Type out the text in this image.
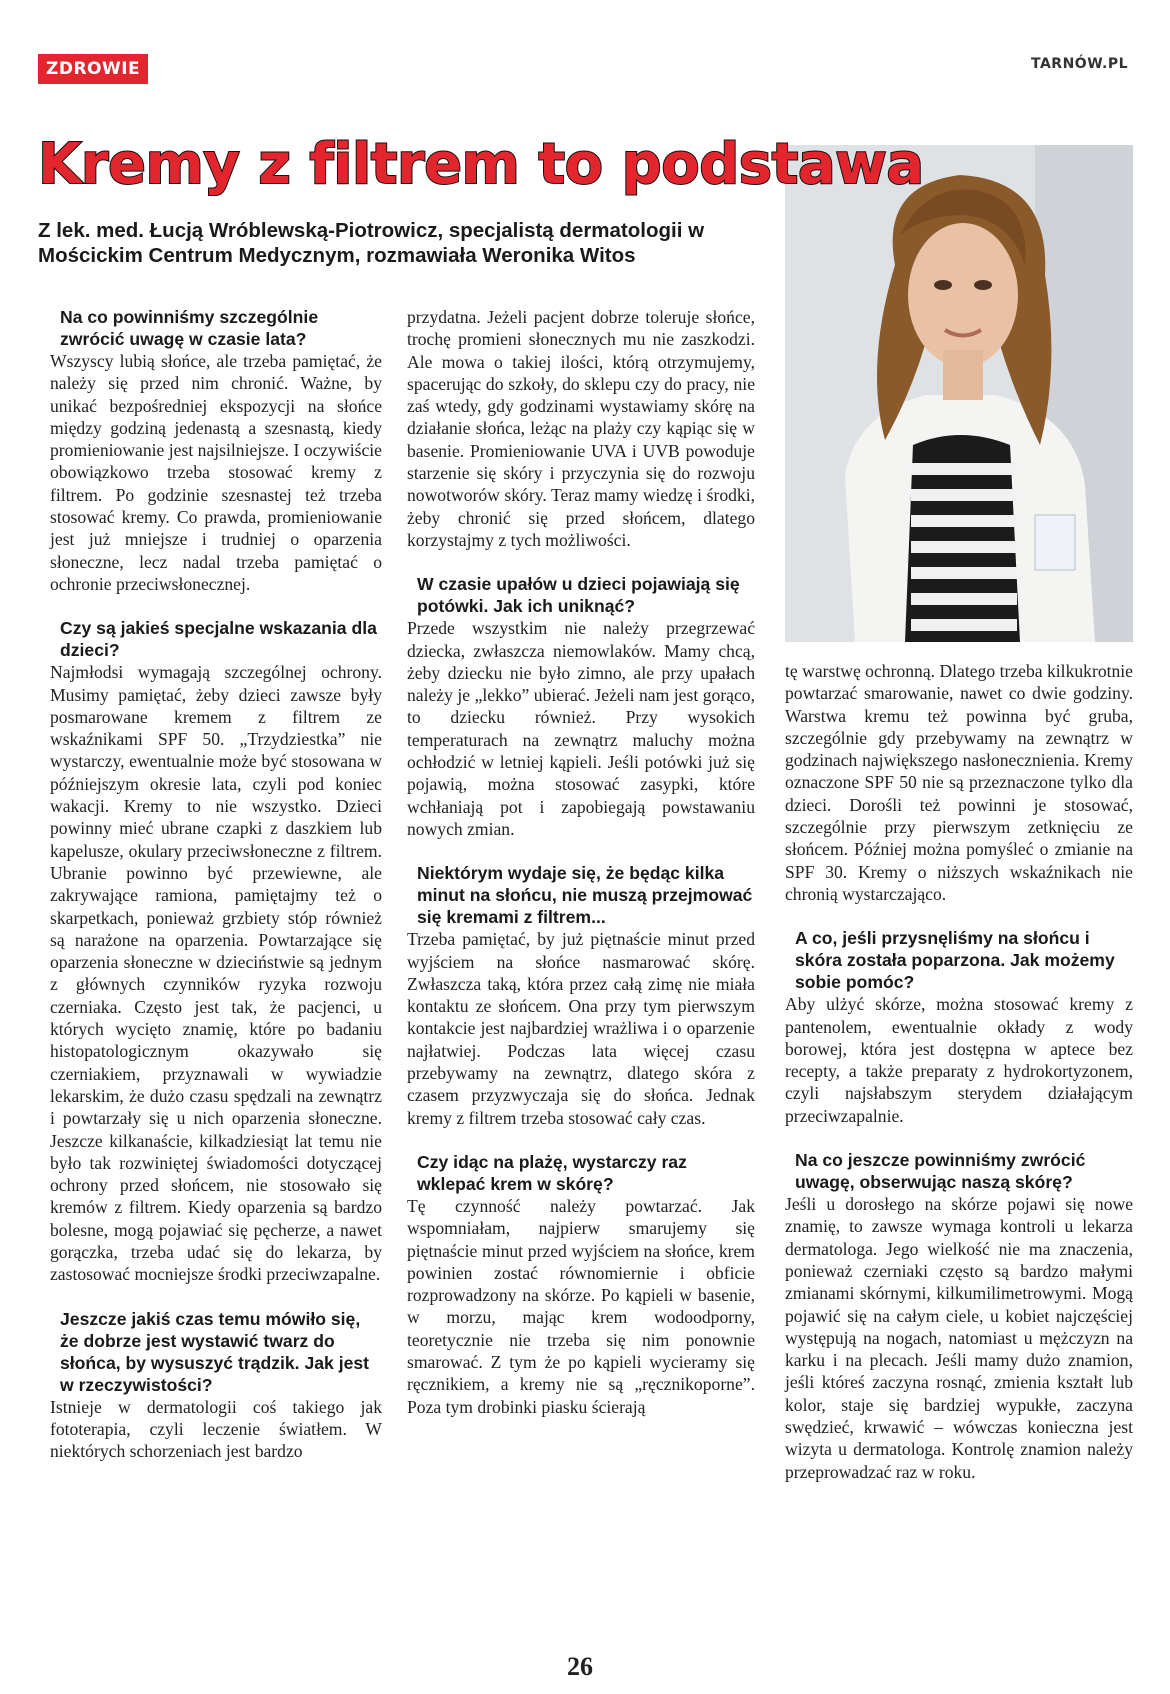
ZDROWIE	TARNÓW.PL
Kremy z filtrem to podstawa
Z lek. med. Łucją Wróblewską-Piotrowicz, specjalistą dermatologii w Mościckim Centrum Medycznym, rozmawiała Weronika Witos
Na co powinniśmy szczególnie zwrócić uwagę w czasie lata?

Wszyscy lubią słońce, ale trzeba pamiętać, że należy się przed nim chronić. Ważne, by unikać bezpośredniej ekspozycji na słońce między godziną jedenastą a szesnastą, kiedy promieniowanie jest najsilniejsze. I oczywiście obowiązkowo trzeba stosować kremy z filtrem. Po godzinie szesnastej też trzeba stosować kremy. Co prawda, promieniowanie jest już mniejsze i trudniej o oparzenia słoneczne, lecz nadal trzeba pamiętać o ochronie przeciwsłonecznej.

Czy są jakieś specjalne wskazania dla dzieci?

Najmłodsi wymagają szczególnej ochrony. Musimy pamiętać, żeby dzieci zawsze były posmarowane kremem z filtrem ze wskaźnikami SPF 50. „Trzydziestka” nie wystarczy, ewentualnie może być stosowana w późniejszym okresie lata, czyli pod koniec wakacji. Kremy to nie wszystko. Dzieci powinny mieć ubrane czapki z daszkiem lub kapelusze, okulary przeciwsłoneczne z filtrem. Ubranie powinno być przewiewne, ale zakrywające ramiona, pamiętajmy też o skarpetkach, ponieważ grzbiety stóp również są narażone na oparzenia. Powtarzające się oparzenia słoneczne w dzieciństwie są jednym z głównych czynników ryzyka rozwoju czerniaka. Często jest tak, że pacjenci, u których wycięto znamię, które po badaniu histopatologicznym okazywało się czerniakiem, przyznawali w wywiadzie lekarskim, że dużo czasu spędzali na zewnątrz i powtarzały się u nich oparzenia słoneczne. Jeszcze kilkanaście, kilkadziesiąt lat temu nie było tak rozwiniętej świadomości dotyczącej ochrony przed słońcem, nie stosowało się kremów z filtrem. Kiedy oparzenia są bardzo bolesne, mogą pojawiać się pęcherze, a nawet gorączka, trzeba udać się do lekarza, by zastosować mocniejsze środki przeciwzapalne.

Jeszcze jakiś czas temu mówiło się, że dobrze jest wystawić twarz do słońca, by wysuszyć trądzik. Jak jest w rzeczywistości?

Istnieje w dermatologii coś takiego jak fototerapia, czyli leczenie światłem. W niektórych schorzeniach jest bardzo

przydatna. Jeżeli pacjent dobrze toleruje słońce, trochę promieni słonecznych mu nie zaszkodzi. Ale mowa o takiej ilości, którą otrzymujemy, spacerując do szkoły, do sklepu czy do pracy, nie zaś wtedy, gdy godzinami wystawiamy skórę na działanie słońca, leżąc na plaży czy kąpiąc się w basenie. Promieniowanie UVA i UVB powoduje starzenie się skóry i przyczynia się do rozwoju nowotworów skóry. Teraz mamy wiedzę i środki, żeby chronić się przed słońcem, dlatego korzystajmy z tych możliwości.

W czasie upałów u dzieci pojawiają się potówki. Jak ich uniknąć?

Przede wszystkim nie należy przegrzewać dziecka, zwłaszcza niemowlaków. Mamy chcą, żeby dziecku nie było zimno, ale przy upałach należy je „lekko” ubierać. Jeżeli nam jest gorąco, to dziecku również. Przy wysokich temperaturach na zewnątrz maluchy można ochłodzić w letniej kąpieli. Jeśli potówki już się pojawią, można stosować zasypki, które wchłaniają pot i zapobiegają powstawaniu nowych zmian.

Niektórym wydaje się, że będąc kilka minut na słońcu, nie muszą przejmować się kremami z filtrem...

Trzeba pamiętać, by już piętnaście minut przed wyjściem na słońce nasmarować skórę. Zwłaszcza taką, która przez całą zimę nie miała kontaktu ze słońcem. Ona przy tym pierwszym kontakcie jest najbardziej wrażliwa i o oparzenie najłatwiej. Podczas lata więcej czasu przebywamy na zewnątrz, dlatego skóra z czasem przyzwyczaja się do słońca. Jednak kremy z filtrem trzeba stosować cały czas.

Czy idąc na plażę, wystarczy raz wklepać krem w skórę?

Tę czynność należy powtarzać. Jak wspomniałam, najpierw smarujemy się piętnaście minut przed wyjściem na słońce, krem powinien zostać równomiernie i obficie rozprowadzony na skórze. Po kąpieli w basenie, w morzu, mając krem wodoodporny, teoretycznie nie trzeba się nim ponownie smarować. Z tym że po kąpieli wycieramy się ręcznikiem, a kremy nie są „ręcznikoporne”. Poza tym drobinki piasku ścierają

tę warstwę ochronną. Dlatego trzeba kilkukrotnie powtarzać smarowanie, nawet co dwie godziny. Warstwa kremu też powinna być gruba, szczególnie gdy przebywamy na zewnątrz w godzinach największego nasłonecznienia. Kremy oznaczone SPF 50 nie są przeznaczone tylko dla dzieci. Dorośli też powinni je stosować, szczególnie przy pierwszym zetknięciu ze słońcem. Później można pomyśleć o zmianie na SPF 30. Kremy o niższych wskaźnikach nie chronią wystarczająco.

A co, jeśli przysnęliśmy na słońcu i skóra została poparzona. Jak możemy sobie pomóc?

Aby ulżyć skórze, można stosować kremy z pantenolem, ewentualnie okłady z wody borowej, która jest dostępna w aptece bez recepty, a także preparaty z hydrokortyzonem, czyli najsłabszym sterydem działającym przeciwzapalnie.

Na co jeszcze powinniśmy zwrócić uwagę, obserwując naszą skórę?

Jeśli u dorosłego na skórze pojawi się nowe znamię, to zawsze wymaga kontroli u lekarza dermatologa. Jego wielkość nie ma znaczenia, ponieważ czerniaki często są bardzo małymi zmianami skórnymi, kilkumilimetrowymi. Mogą pojawić się na całym ciele, u kobiet najczęściej występują na nogach, natomiast u mężczyzn na karku i na plecach. Jeśli mamy dużo znamion, jeśli któreś zaczyna rosnąć, zmienia kształt lub kolor, staje się bardziej wypukłe, zaczyna swędzieć, krwawić – wówczas konieczna jest wizyta u dermatologa. Kontrolę znamion należy przeprowadzać raz w roku.

26
